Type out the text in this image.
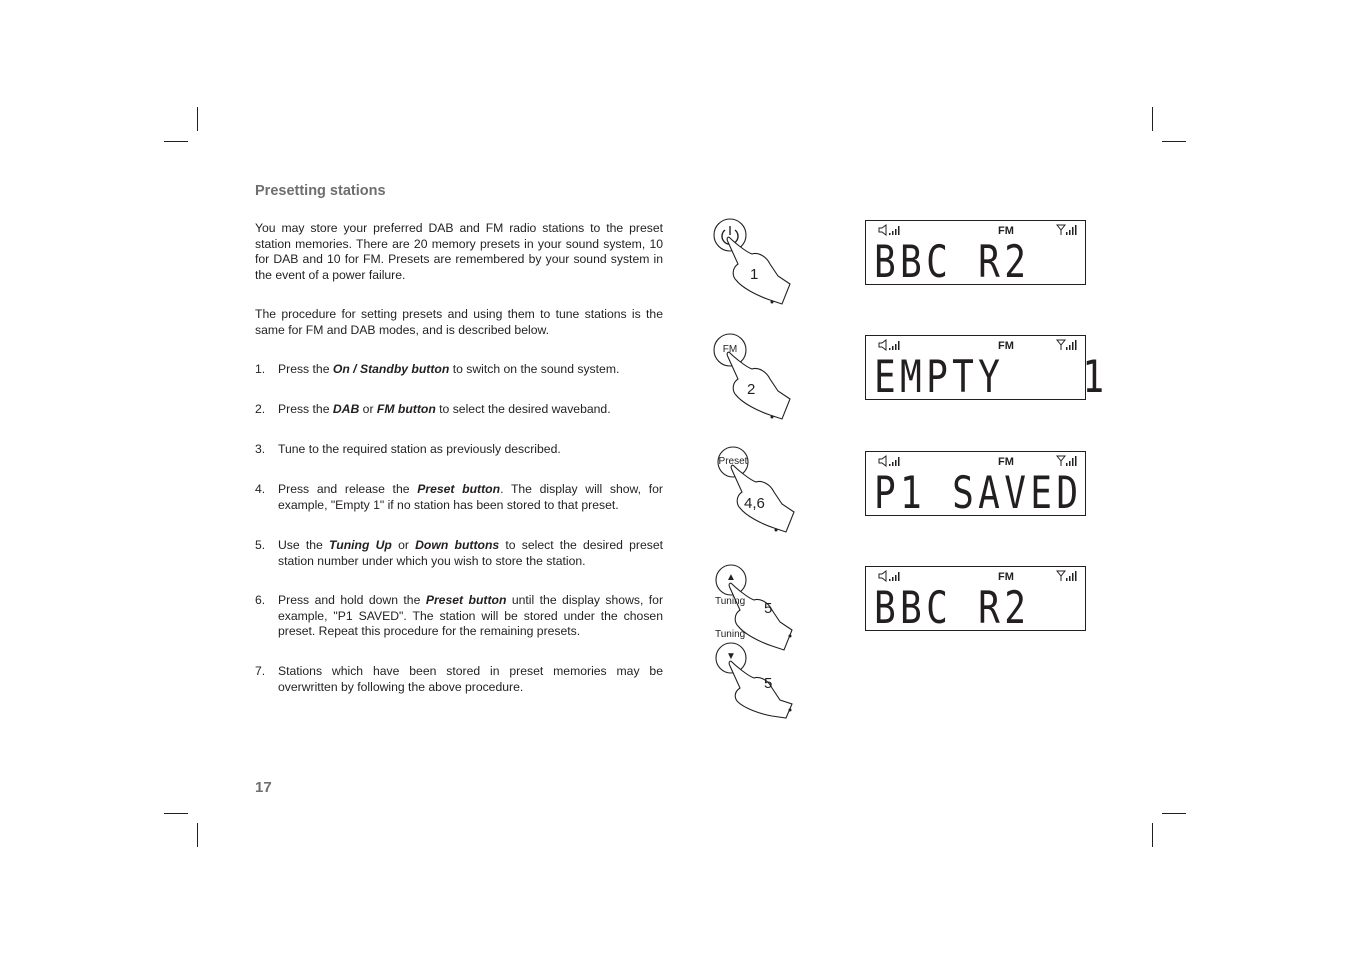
Presetting stations

You may store your preferred DAB and FM radio stations to the preset station memories. There are 20 memory presets in your sound system, 10 for DAB and 10 for FM. Presets are remembered by your sound system in the event of a power failure.

The procedure for setting presets and using them to tune stations is the same for FM and DAB modes, and is described below.

1. Press the On / Standby button to switch on the sound system.
2. Press the DAB or FM button to select the desired waveband.
3. Tune to the required station as previously described.
4. Press and release the Preset button. The display will show, for example, "Empty 1" if no station has been stored to that preset.
5. Use the Tuning Up or Down buttons to select the desired preset station number under which you wish to store the station.
6. Press and hold down the Preset button until the display shows, for example, "P1 SAVED". The station will be stored under the chosen preset. Repeat this procedure for the remaining presets.
7. Stations which have been stored in preset memories may be overwritten by following the above procedure.
17
1
FM
2
Preset
4,6
▲
Tuning 5
▼
5
Tuning
FM
BBC R2
FM
EMPTY   1
FM
P1 SAVED
FM
BBC R2
